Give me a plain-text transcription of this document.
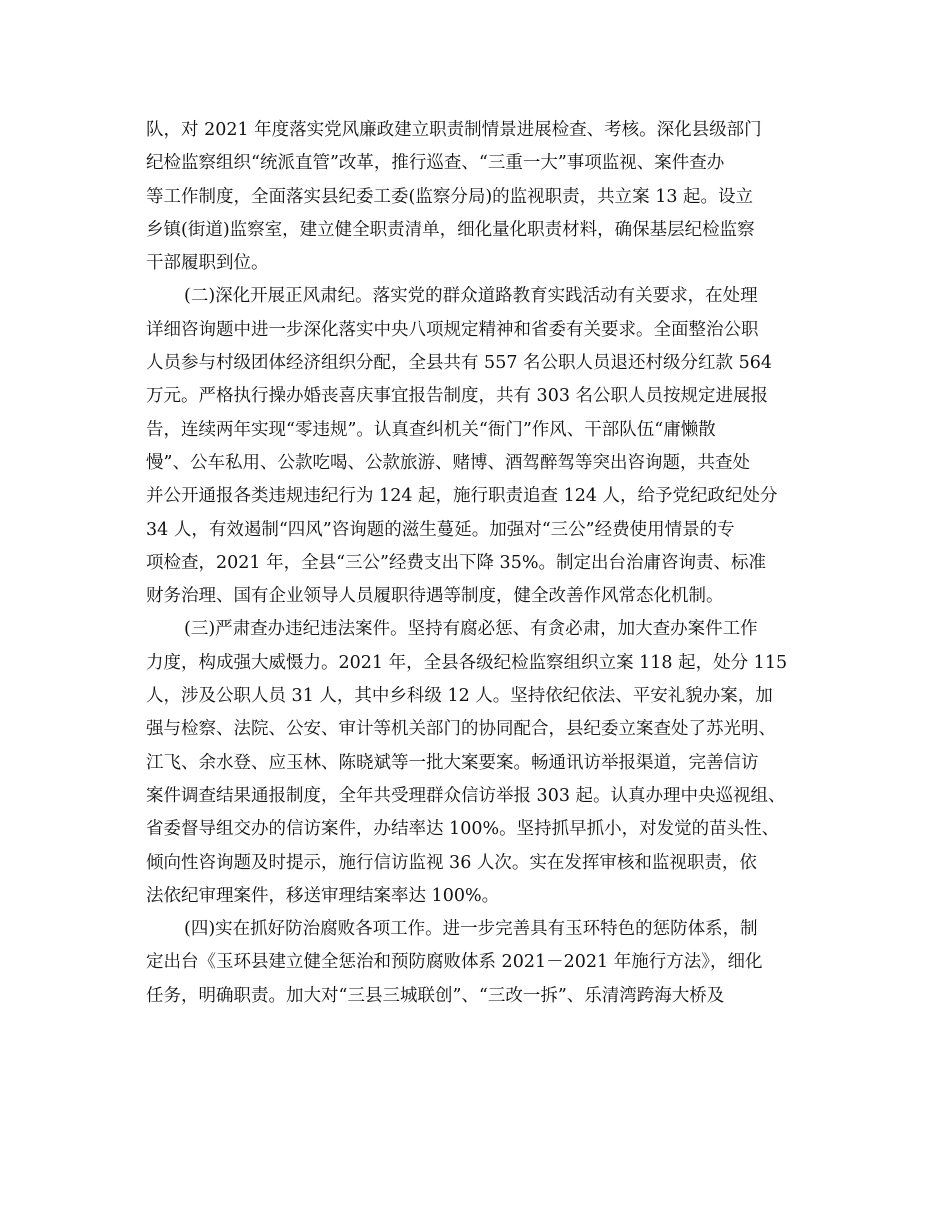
队，对 2021 年度落实党风廉政建立职责制情景进展检查、考核。深化县级部门
纪检监察组织“统派直管”改革，推行巡查、“三重一大”事项监视、案件查办
等工作制度，全面落实县纪委工委(监察分局)的监视职责，共立案 13 起。设立
乡镇(街道)监察室，建立健全职责清单，细化量化职责材料，确保基层纪检监察
干部履职到位。
(二)深化开展正风肃纪。落实党的群众道路教育实践活动有关要求，在处理
详细咨询题中进一步深化落实中央八项规定精神和省委有关要求。全面整治公职
人员参与村级团体经济组织分配，全县共有 557 名公职人员退还村级分红款 564
万元。严格执行操办婚丧喜庆事宜报告制度，共有 303 名公职人员按规定进展报
告，连续两年实现“零违规”。认真查纠机关“衙门”作风、干部队伍“庸懒散
慢”、公车私用、公款吃喝、公款旅游、赌博、酒驾醉驾等突出咨询题，共查处
并公开通报各类违规违纪行为 124 起，施行职责追查 124 人，给予党纪政纪处分
34 人，有效遏制“四风”咨询题的滋生蔓延。加强对“三公”经费使用情景的专
项检查，2021 年，全县“三公”经费支出下降 35%。制定出台治庸咨询责、标准
财务治理、国有企业领导人员履职待遇等制度，健全改善作风常态化机制。
(三)严肃查办违纪违法案件。坚持有腐必惩、有贪必肃，加大查办案件工作
力度，构成强大威慑力。2021 年，全县各级纪检监察组织立案 118 起，处分 115
人，涉及公职人员 31 人，其中乡科级 12 人。坚持依纪依法、平安礼貌办案，加
强与检察、法院、公安、审计等机关部门的协同配合，县纪委立案查处了苏光明、
江飞、余水登、应玉林、陈晓斌等一批大案要案。畅通讯访举报渠道，完善信访
案件调查结果通报制度，全年共受理群众信访举报 303 起。认真办理中央巡视组、
省委督导组交办的信访案件，办结率达 100%。坚持抓早抓小，对发觉的苗头性、
倾向性咨询题及时提示，施行信访监视 36 人次。实在发挥审核和监视职责，依
法依纪审理案件，移送审理结案率达 100%。
(四)实在抓好防治腐败各项工作。进一步完善具有玉环特色的惩防体系，制
定出台《玉环县建立健全惩治和预防腐败体系 2021－2021 年施行方法》，细化
任务，明确职责。加大对“三县三城联创”、“三改一拆”、乐清湾跨海大桥及
